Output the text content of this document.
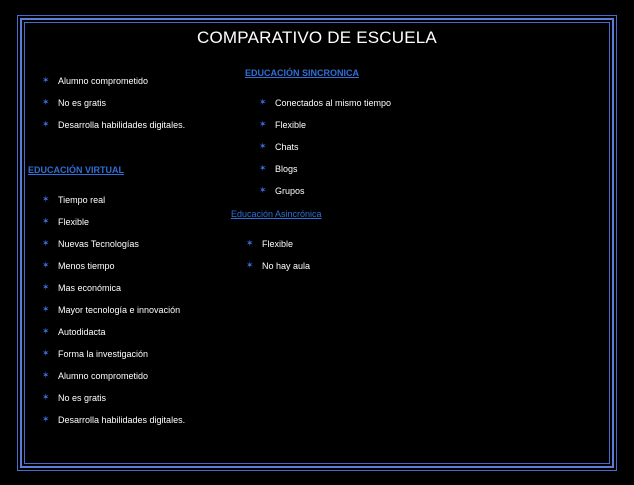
COMPARATIVO DE ESCUELA
✶ Alumno comprometido
✶ No es gratis
✶ Desarrolla habilidades digitales.
EDUCACIÓN VIRTUAL
✶ Tiempo real
✶ Flexible
✶ Nuevas Tecnologías
✶ Menos tiempo
✶ Mas económica
✶ Mayor tecnología e innovación
✶ Autodidacta
✶ Forma la investigación
✶ Alumno comprometido
✶ No es gratis
✶ Desarrolla habilidades digitales.
EDUCACIÓN SINCRONICA
✶ Conectados al mismo tiempo
✶ Flexible
✶ Chats
✶ Blogs
✶ Grupos
Educación Asincrónica
✶ Flexible
✶ No hay aula
